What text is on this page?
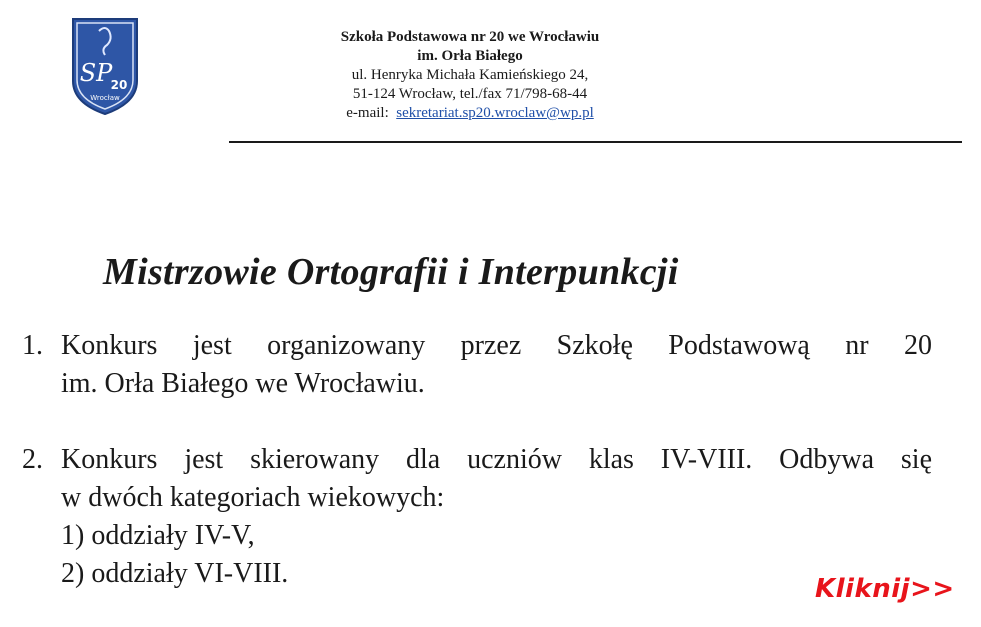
SP
20
Wrocław
Szkoła Podstawowa nr 20 we Wrocławiu
im. Orła Białego
ul. Henryka Michała Kamieńskiego 24,
51-124 Wrocław, tel./fax 71/798-68-44
e-mail: sekretariat.sp20.wroclaw@wp.pl
Mistrzowie Ortografii i Interpunkcji
1. Konkurs jest organizowany przez Szkołę Podstawową nr 20
im. Orła Białego we Wrocławiu.
2. Konkurs jest skierowany dla uczniów klas IV-VIII. Odbywa się
w dwóch kategoriach wiekowych:
1) oddziały IV-V,
2) oddziały VI-VIII.	Kliknij>>
